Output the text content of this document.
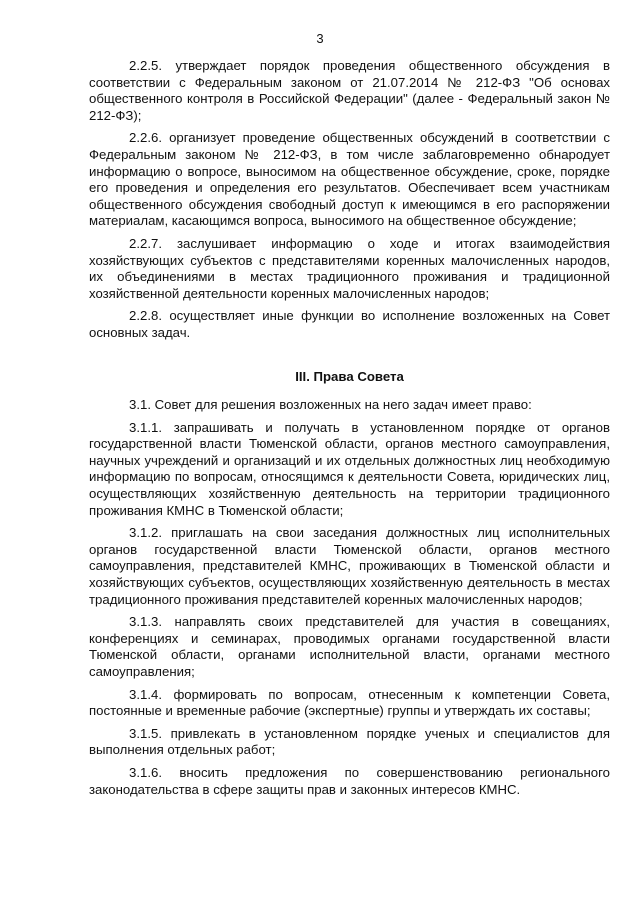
3

2.2.5. утверждает порядок проведения общественного обсуждения в соответствии с Федеральным законом от 21.07.2014 № 212-ФЗ "Об основах общественного контроля в Российской Федерации" (далее - Федеральный закон № 212-ФЗ);

2.2.6. организует проведение общественных обсуждений в соответствии с Федеральным законом № 212-ФЗ, в том числе заблаговременно обнародует информацию о вопросе, выносимом на общественное обсуждение, сроке, порядке его проведения и определения его результатов. Обеспечивает всем участникам общественного обсуждения свободный доступ к имеющимся в его распоряжении материалам, касающимся вопроса, выносимого на общественное обсуждение;

2.2.7. заслушивает информацию о ходе и итогах взаимодействия хозяйствующих субъектов с представителями коренных малочисленных народов, их объединениями в местах традиционного проживания и традиционной хозяйственной деятельности коренных малочисленных народов;

2.2.8. осуществляет иные функции во исполнение возложенных на Совет основных задач.

III. Права Совета

3.1. Совет для решения возложенных на него задач имеет право:

3.1.1. запрашивать и получать в установленном порядке от органов государственной власти Тюменской области, органов местного самоуправления, научных учреждений и организаций и их отдельных должностных лиц необходимую информацию по вопросам, относящимся к деятельности Совета, юридических лиц, осуществляющих хозяйственную деятельность на территории традиционного проживания КМНС в Тюменской области;

3.1.2. приглашать на свои заседания должностных лиц исполнительных органов государственной власти Тюменской области, органов местного самоуправления, представителей КМНС, проживающих в Тюменской области и хозяйствующих субъектов, осуществляющих хозяйственную деятельность в местах традиционного проживания представителей коренных малочисленных народов;

3.1.3. направлять своих представителей для участия в совещаниях, конференциях и семинарах, проводимых органами государственной власти Тюменской области, органами исполнительной власти, органами местного самоуправления;

3.1.4. формировать по вопросам, отнесенным к компетенции Совета, постоянные и временные рабочие (экспертные) группы и утверждать их составы;

3.1.5. привлекать в установленном порядке ученых и специалистов для выполнения отдельных работ;

3.1.6. вносить предложения по совершенствованию регионального законодательства в сфере защиты прав и законных интересов КМНС.
